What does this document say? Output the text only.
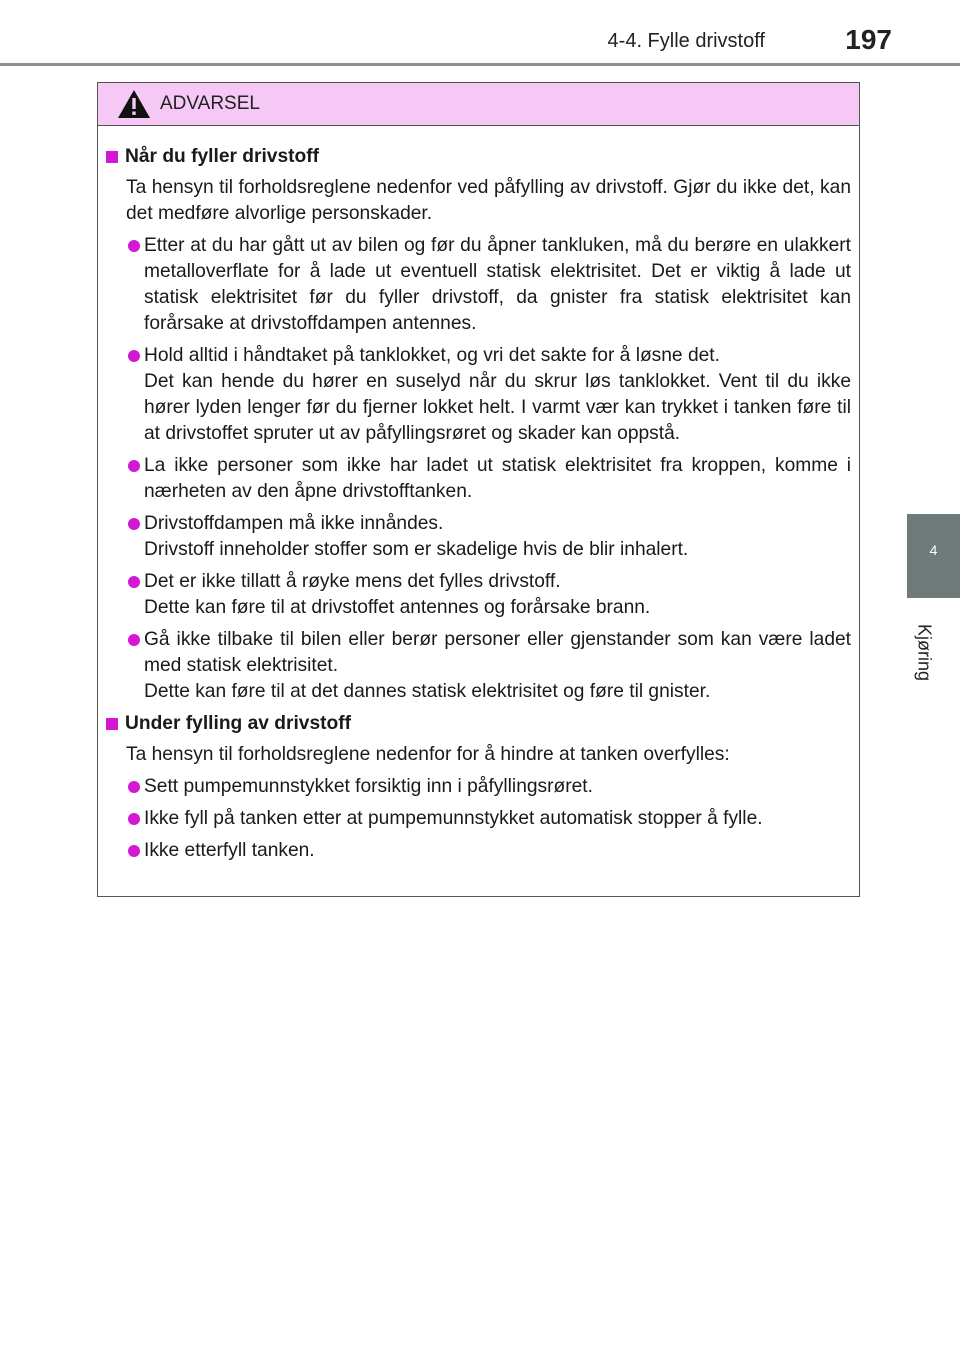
4-4. Fylle drivstoff	197
4
Kjøring
ADVARSEL
Når du fyller drivstoff
Ta hensyn til forholdsreglene nedenfor ved påfylling av drivstoff. Gjør du ikke det, kan det medføre alvorlige personskader.
Etter at du har gått ut av bilen og før du åpner tankluken, må du berøre en ulakkert metalloverflate for å lade ut eventuell statisk elektrisitet. Det er viktig å lade ut statisk elektrisitet før du fyller drivstoff, da gnister fra statisk elektrisitet kan forårsake at drivstoffdampen antennes.
Hold alltid i håndtaket på tanklokket, og vri det sakte for å løsne det.
Det kan hende du hører en suselyd når du skrur løs tanklokket. Vent til du ikke hører lyden lenger før du fjerner lokket helt. I varmt vær kan trykket i tanken føre til at drivstoffet spruter ut av påfyllingsrøret og skader kan oppstå.
La ikke personer som ikke har ladet ut statisk elektrisitet fra kroppen, komme i nærheten av den åpne drivstofftanken.
Drivstoffdampen må ikke innåndes.
Drivstoff inneholder stoffer som er skadelige hvis de blir inhalert.
Det er ikke tillatt å røyke mens det fylles drivstoff.
Dette kan føre til at drivstoffet antennes og forårsake brann.
Gå ikke tilbake til bilen eller berør personer eller gjenstander som kan være ladet med statisk elektrisitet.
Dette kan føre til at det dannes statisk elektrisitet og føre til gnister.
Under fylling av drivstoff
Ta hensyn til forholdsreglene nedenfor for å hindre at tanken overfylles:
Sett pumpemunnstykket forsiktig inn i påfyllingsrøret.
Ikke fyll på tanken etter at pumpemunnstykket automatisk stopper å fylle.
Ikke etterfyll tanken.
